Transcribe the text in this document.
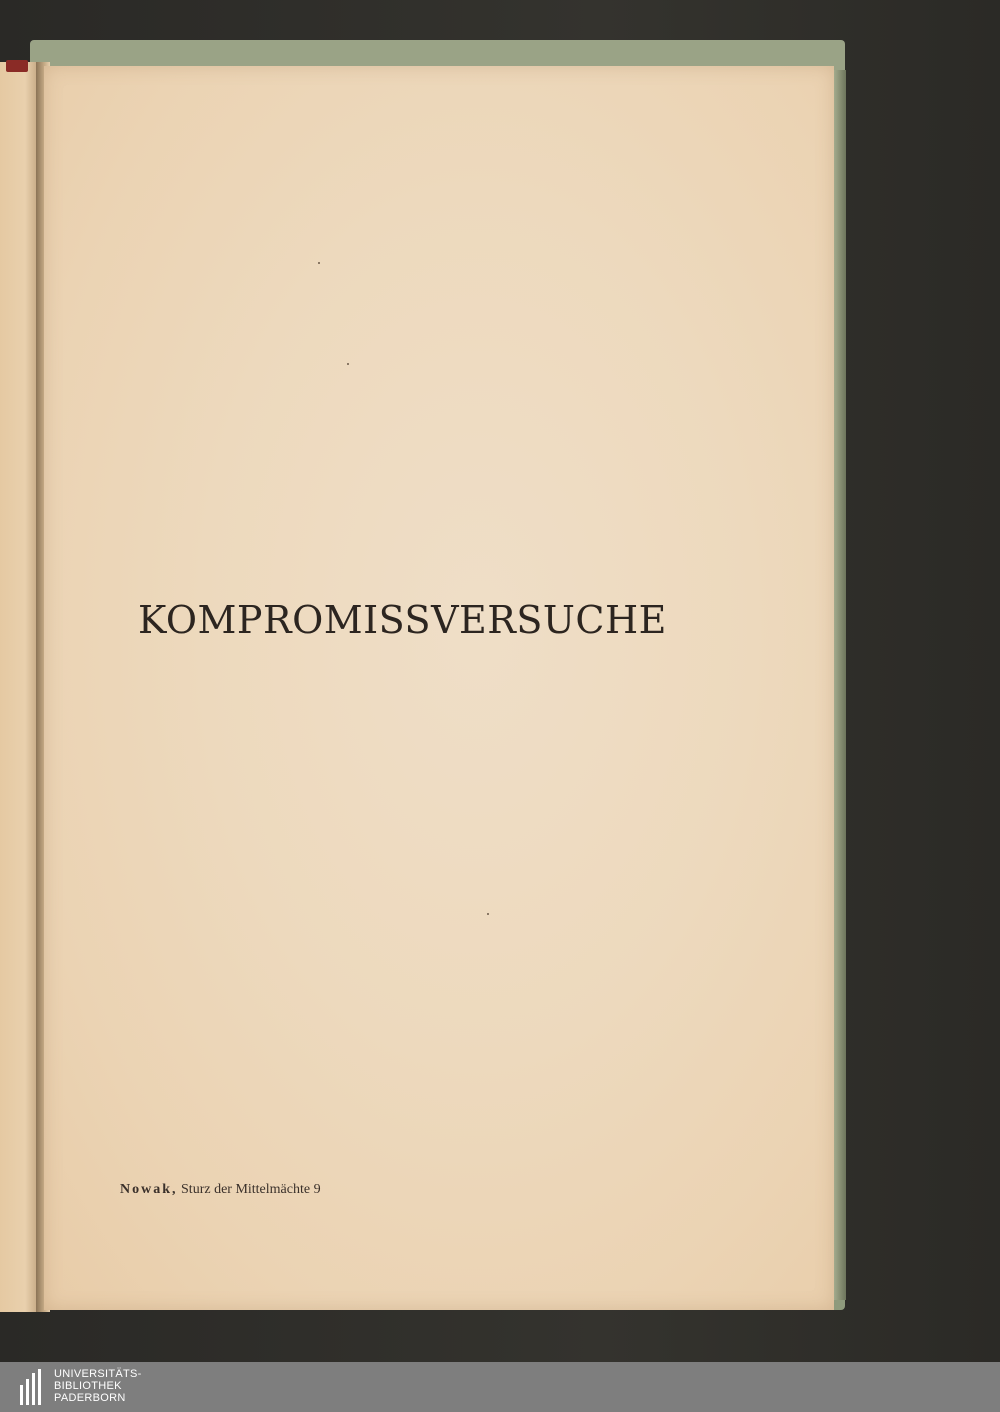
KOMPROMISSVERSUCHE
Nowak, Sturz der Mittelmächte 9
UNIVERSITÄTS-
BIBLIOTHEK
PADERBORN
